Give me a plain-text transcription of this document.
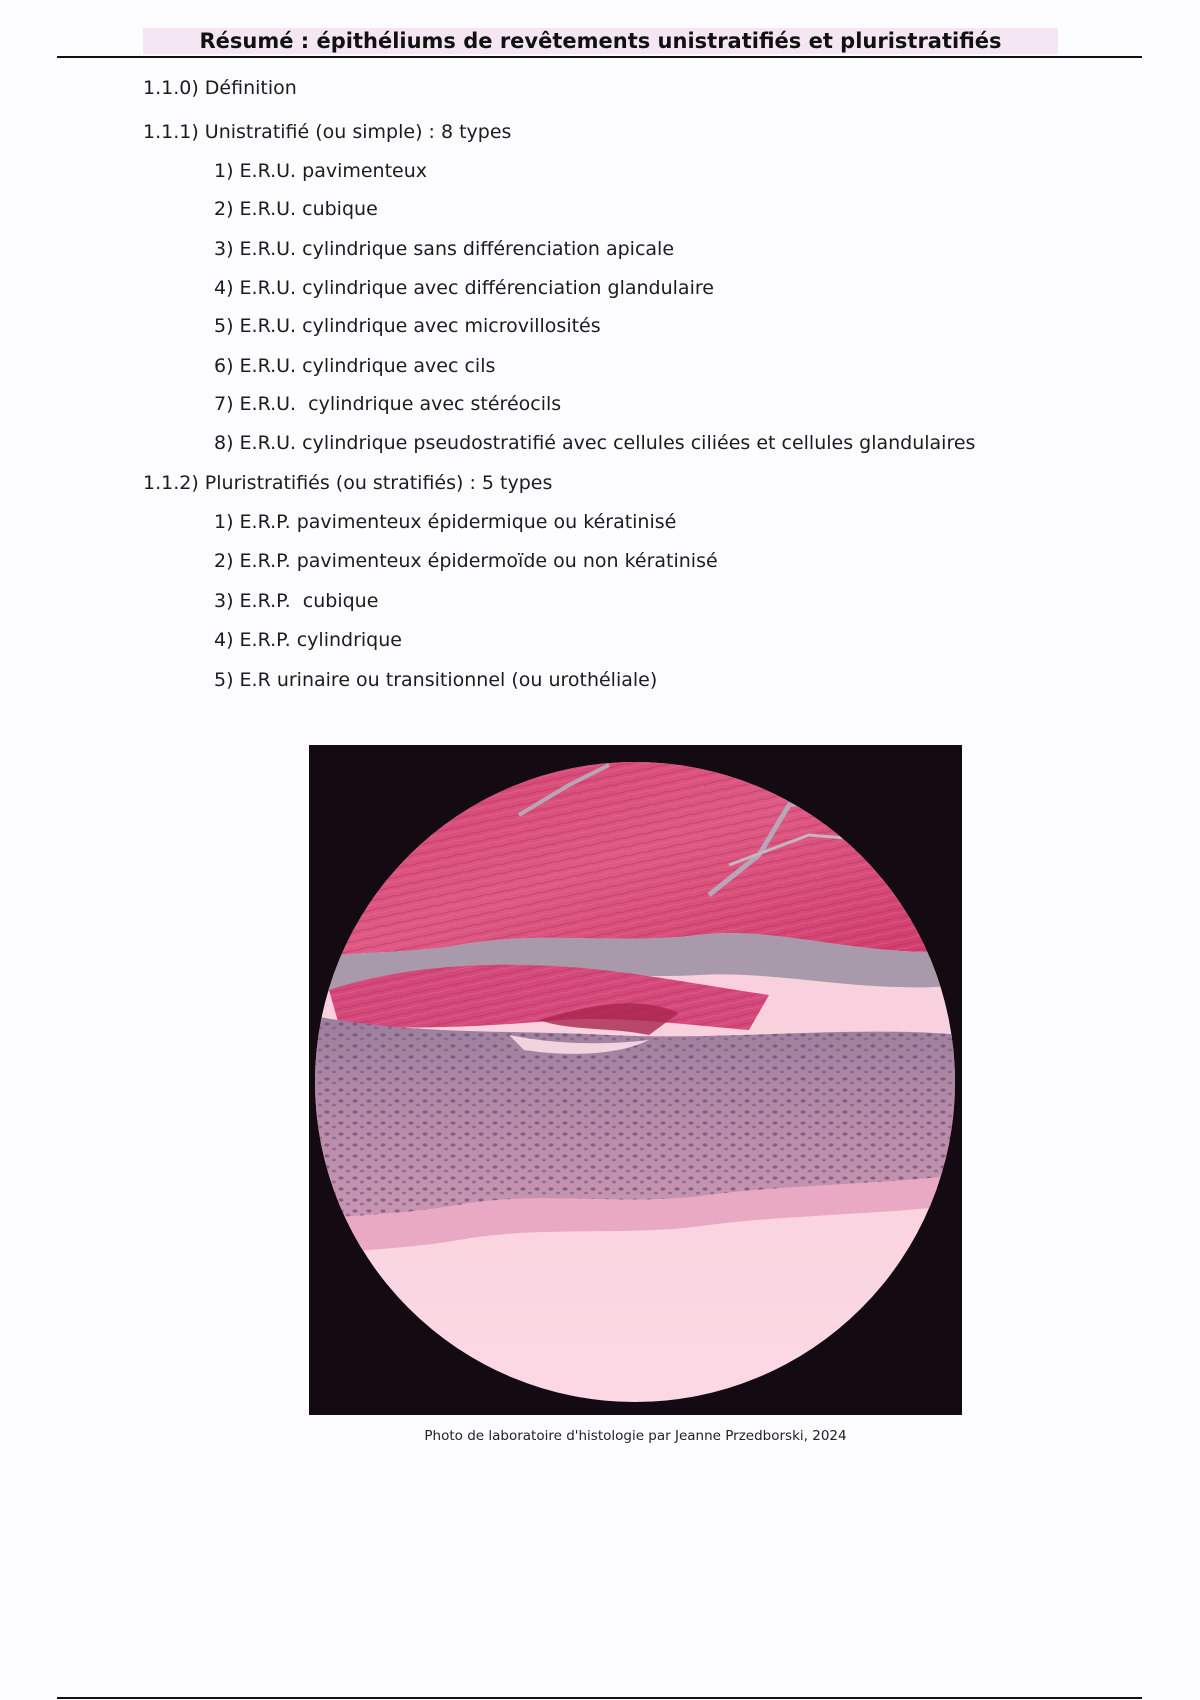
Résumé : épithéliums de revêtements unistratifiés et pluristratifiés
1.1.0) Définition
1.1.1) Unistratifié (ou simple) : 8 types
1) E.R.U. pavimenteux
2) E.R.U. cubique
3) E.R.U. cylindrique sans différenciation apicale
4) E.R.U. cylindrique avec différenciation glandulaire
5) E.R.U. cylindrique avec microvillosités
6) E.R.U. cylindrique avec cils
7) E.R.U.  cylindrique avec stéréocils
8) E.R.U. cylindrique pseudostratifié avec cellules ciliées et cellules glandulaires
1.1.2) Pluristratifiés (ou stratifiés) : 5 types
1) E.R.P. pavimenteux épidermique ou kératinisé
2) E.R.P. pavimenteux épidermoïde ou non kératinisé
3) E.R.P.  cubique
4) E.R.P. cylindrique
5) E.R urinaire ou transitionnel (ou urothéliale)
Photo de laboratoire d'histologie par Jeanne Przedborski, 2024
